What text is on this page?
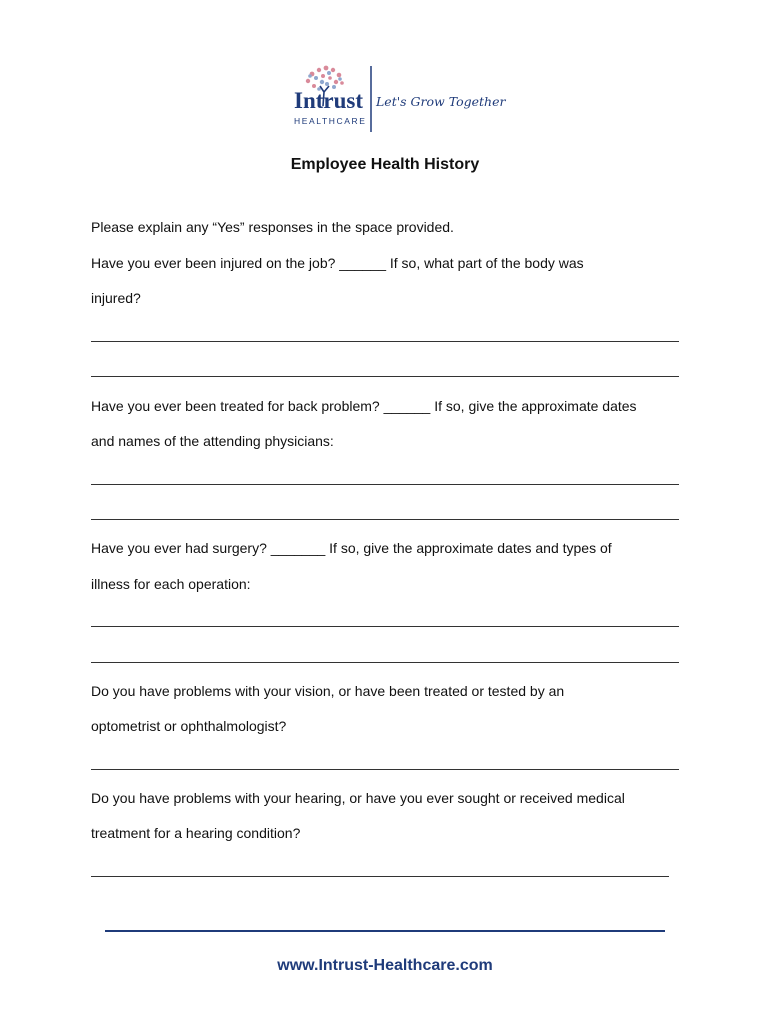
Intrust
HEALTHCARE
Let's Grow Together
Employee Health History
Please explain any “Yes” responses in the space provided.
Have you ever been injured on the job? ______ If so, what part of the body was
injured?
Have you ever been treated for back problem? ______ If so, give the approximate dates
and names of the attending physicians:
Have you ever had surgery? _______ If so, give the approximate dates and types of
illness for each operation:
Do you have problems with your vision, or have been treated or tested by an
optometrist or ophthalmologist?
Do you have problems with your hearing, or have you ever sought or received medical
treatment for a hearing condition?
www.Intrust-Healthcare.com
